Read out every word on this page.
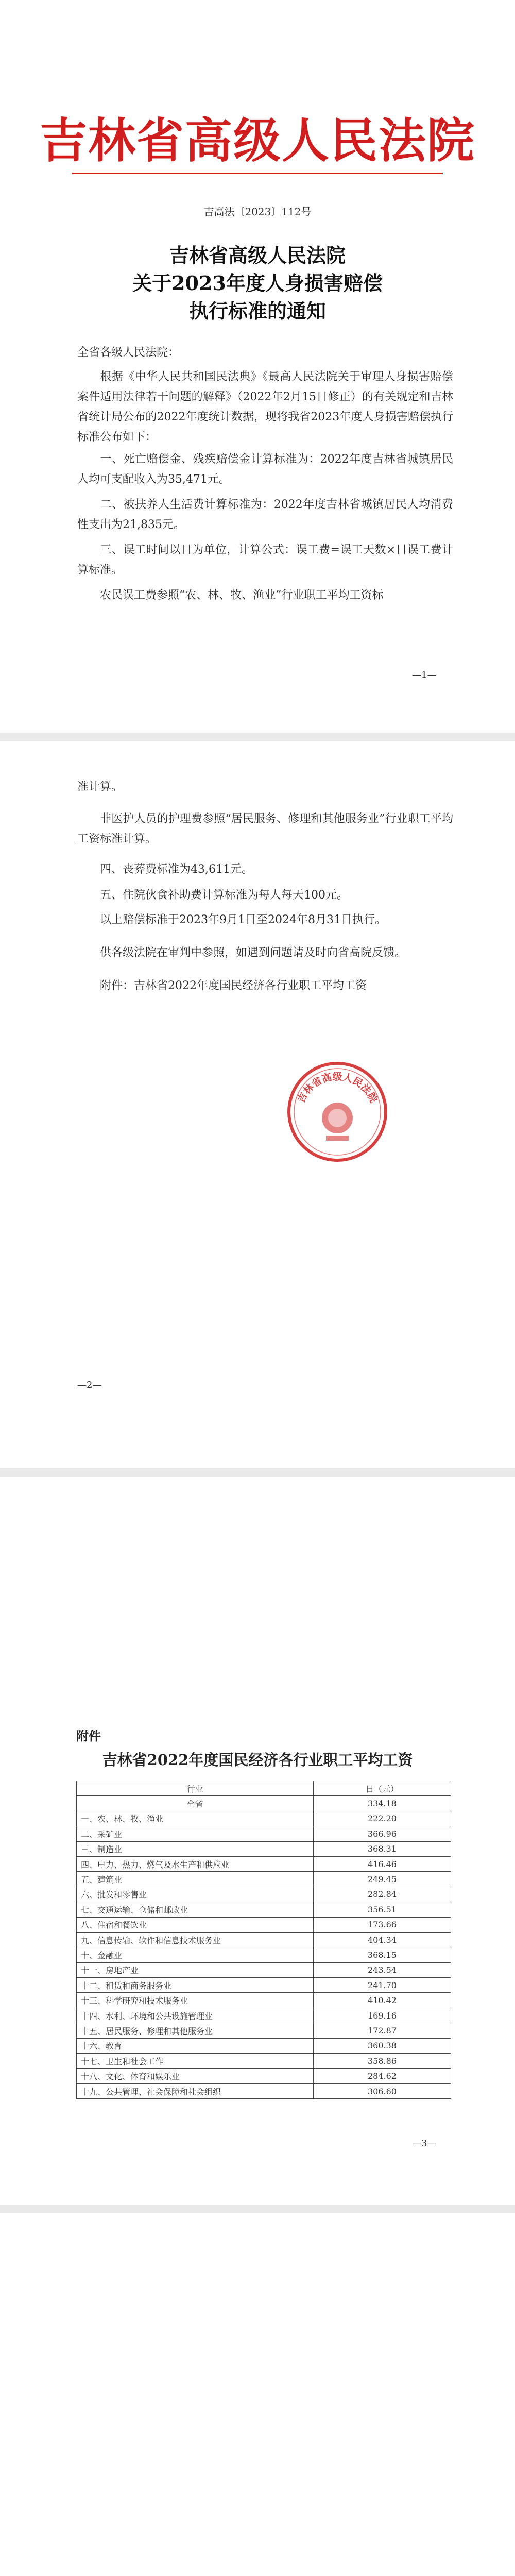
吉林省高级人民法院
吉高法〔2023〕112号
吉林省高级人民法院
关于2023年度人身损害赔偿
执行标准的通知
全省各级人民法院：
根据《中华人民共和国民法典》《最高人民法院关于审理人身损害赔偿案件适用法律若干问题的解释》（2022年2月15日修正）的有关规定和吉林省统计局公布的2022年度统计数据，现将我省2023年度人身损害赔偿执行标准公布如下：
一、死亡赔偿金、残疾赔偿金计算标准为：2022年度吉林省城镇居民人均可支配收入为35,471元。
二、被扶养人生活费计算标准为：2022年度吉林省城镇居民人均消费性支出为21,835元。
三、误工时间以日为单位，计算公式：误工费=误工天数×日误工费计算标准。
农民误工费参照“农、林、牧、渔业”行业职工平均工资标
—1—
准计算。
非医护人员的护理费参照“居民服务、修理和其他服务业”行业职工平均工资标准计算。
四、丧葬费标准为43,611元。
五、住院伙食补助费计算标准为每人每天100元。
以上赔偿标准于2023年9月1日至2024年8月31日执行。
供各级法院在审判中参照，如遇到问题请及时向省高院反馈。
附件：吉林省2022年度国民经济各行业职工平均工资
吉林省高级人民法院
—2—
附件
吉林省2022年度国民经济各行业职工平均工资
行业	日（元）
全省	334.18
一、农、林、牧、渔业	222.20
二、采矿业	366.96
三、制造业	368.31
四、电力、热力、燃气及水生产和供应业	416.46
五、建筑业	249.45
六、批发和零售业	282.84
七、交通运输、仓储和邮政业	356.51
八、住宿和餐饮业	173.66
九、信息传输、软件和信息技术服务业	404.34
十、金融业	368.15
十一、房地产业	243.54
十二、租赁和商务服务业	241.70
十三、科学研究和技术服务业	410.42
十四、水利、环境和公共设施管理业	169.16
十五、居民服务、修理和其他服务业	172.87
十六、教育	360.38
十七、卫生和社会工作	358.86
十八、文化、体育和娱乐业	284.62
十九、公共管理、社会保障和社会组织	306.60
—3—
